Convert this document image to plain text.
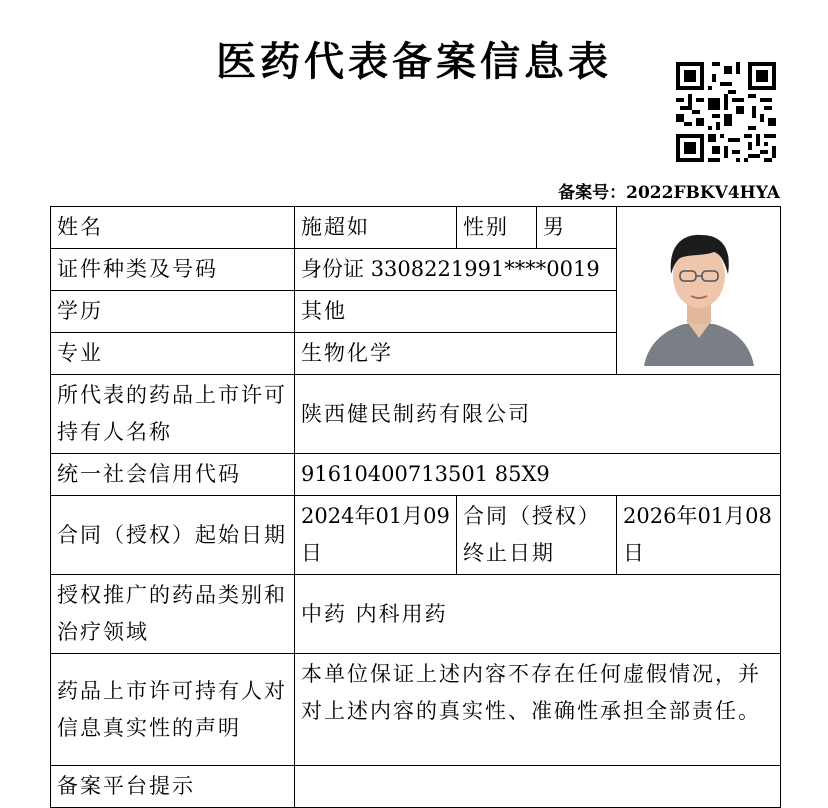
医药代表备案信息表
备案号：2022FBKV4HYA
姓名	施超如	性别	男	

证件种类及号码	身份证 3308221991****0019			
学历	其他			
专业	生物化学			
所代表的药品上市许可持有人名称	陕西健民制药有限公司			
统一社会信用代码	91610400713501 85X9			
合同（授权）起始日期	2024年01月09日	合同（授权）终止日期		2026年01月08日
授权推广的药品类别和治疗领域	中药 内科用药			
药品上市许可持有人对信息真实性的声明	本单位保证上述内容不存在任何虚假情况，并对上述内容的真实性、准确性承担全部责任。			
备案平台提示				
